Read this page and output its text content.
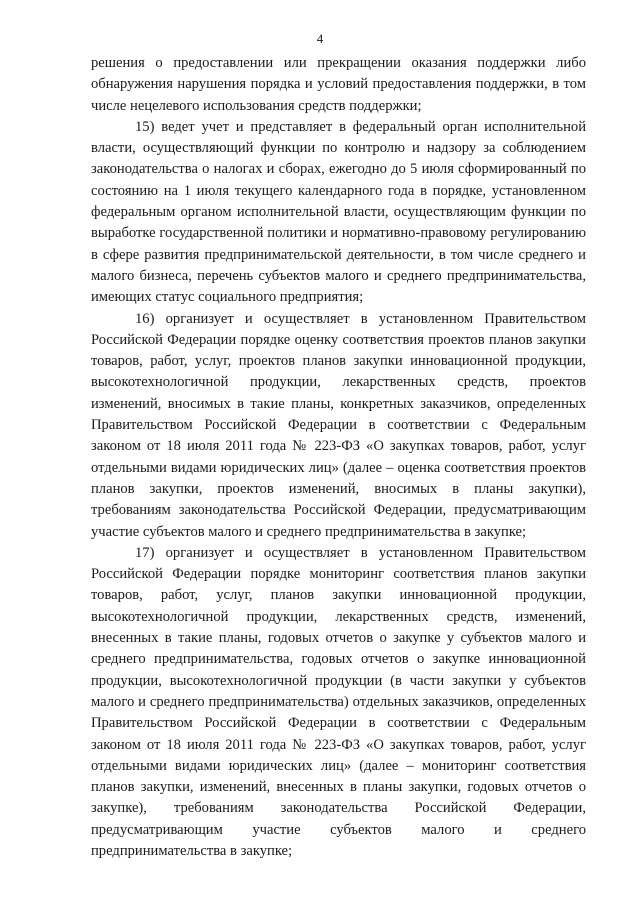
4

решения о предоставлении или прекращении оказания поддержки либо обнаружения нарушения порядка и условий предоставления поддержки, в том числе нецелевого использования средств поддержки;

15) ведет учет и представляет в федеральный орган исполнительной власти, осуществляющий функции по контролю и надзору за соблюдением законодательства о налогах и сборах, ежегодно до 5 июля сформированный по состоянию на 1 июля текущего календарного года в порядке, установленном федеральным органом исполнительной власти, осуществляющим функции по выработке государственной политики и нормативно-правовому регулированию в сфере развития предпринимательской деятельности, в том числе среднего и малого бизнеса, перечень субъектов малого и среднего предпринимательства, имеющих статус социального предприятия;

16) организует и осуществляет в установленном Правительством Российской Федерации порядке оценку соответствия проектов планов закупки товаров, работ, услуг, проектов планов закупки инновационной продукции, высокотехнологичной продукции, лекарственных средств, проектов изменений, вносимых в такие планы, конкретных заказчиков, определенных Правительством Российской Федерации в соответствии с Федеральным законом от 18 июля 2011 года № 223-ФЗ «О закупках товаров, работ, услуг отдельными видами юридических лиц» (далее – оценка соответствия проектов планов закупки, проектов изменений, вносимых в планы закупки), требованиям законодательства Российской Федерации, предусматривающим участие субъектов малого и среднего предпринимательства в закупке;

17) организует и осуществляет в установленном Правительством Российской Федерации порядке мониторинг соответствия планов закупки товаров, работ, услуг, планов закупки инновационной продукции, высокотехнологичной продукции, лекарственных средств, изменений, внесенных в такие планы, годовых отчетов о закупке у субъектов малого и среднего предпринимательства, годовых отчетов о закупке инновационной продукции, высокотехнологичной продукции (в части закупки у субъектов малого и среднего предпринимательства) отдельных заказчиков, определенных Правительством Российской Федерации в соответствии с Федеральным законом от 18 июля 2011 года № 223-ФЗ «О закупках товаров, работ, услуг отдельными видами юридических лиц» (далее – мониторинг соответствия планов закупки, изменений, внесенных в планы закупки, годовых отчетов о закупке), требованиям законодательства Российской Федерации, предусматривающим участие субъектов малого и среднего предпринимательства в закупке;
